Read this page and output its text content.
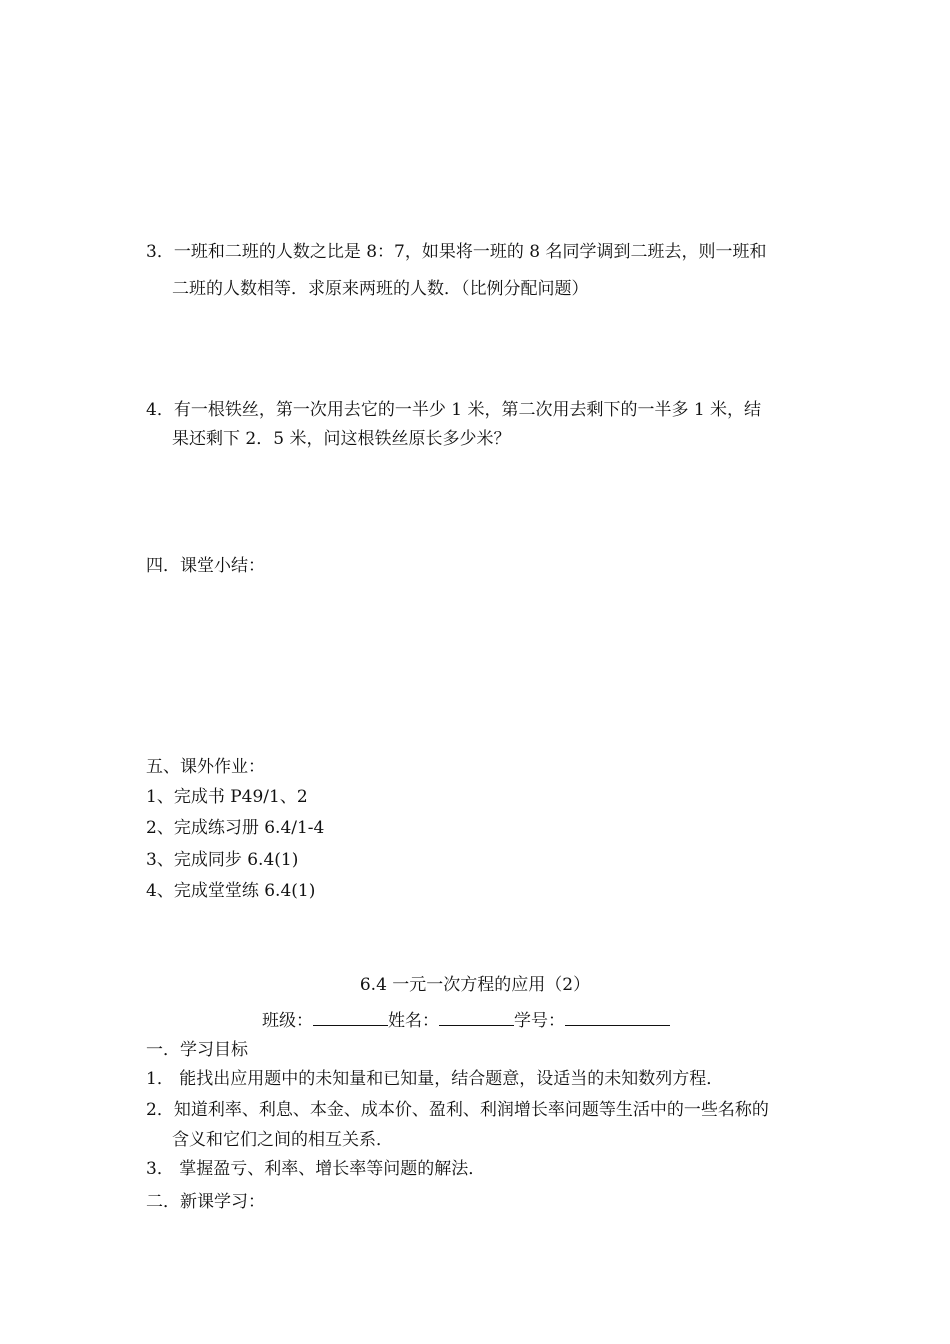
3．一班和二班的人数之比是 8：7，如果将一班的 8 名同学调到二班去，则一班和
二班的人数相等．求原来两班的人数．（比例分配问题）
4．有一根铁丝，第一次用去它的一半少 1 米，第二次用去剩下的一半多 1 米，结
果还剩下 2．5 米，问这根铁丝原长多少米？
四．课堂小结：
五、课外作业：
1、完成书 P49/1、2
2、完成练习册 6.4/1-4
3、完成同步 6.4(1)
4、完成堂堂练 6.4(1)
6.4 一元一次方程的应用（2）
班级：	姓名：	学号：
一．学习目标
1． 能找出应用题中的未知量和已知量，结合题意，设适当的未知数列方程．
2．知道利率、利息、本金、成本价、盈利、利润增长率问题等生活中的一些名称的
含义和它们之间的相互关系．
3． 掌握盈亏、利率、增长率等问题的解法．
二．新课学习：
